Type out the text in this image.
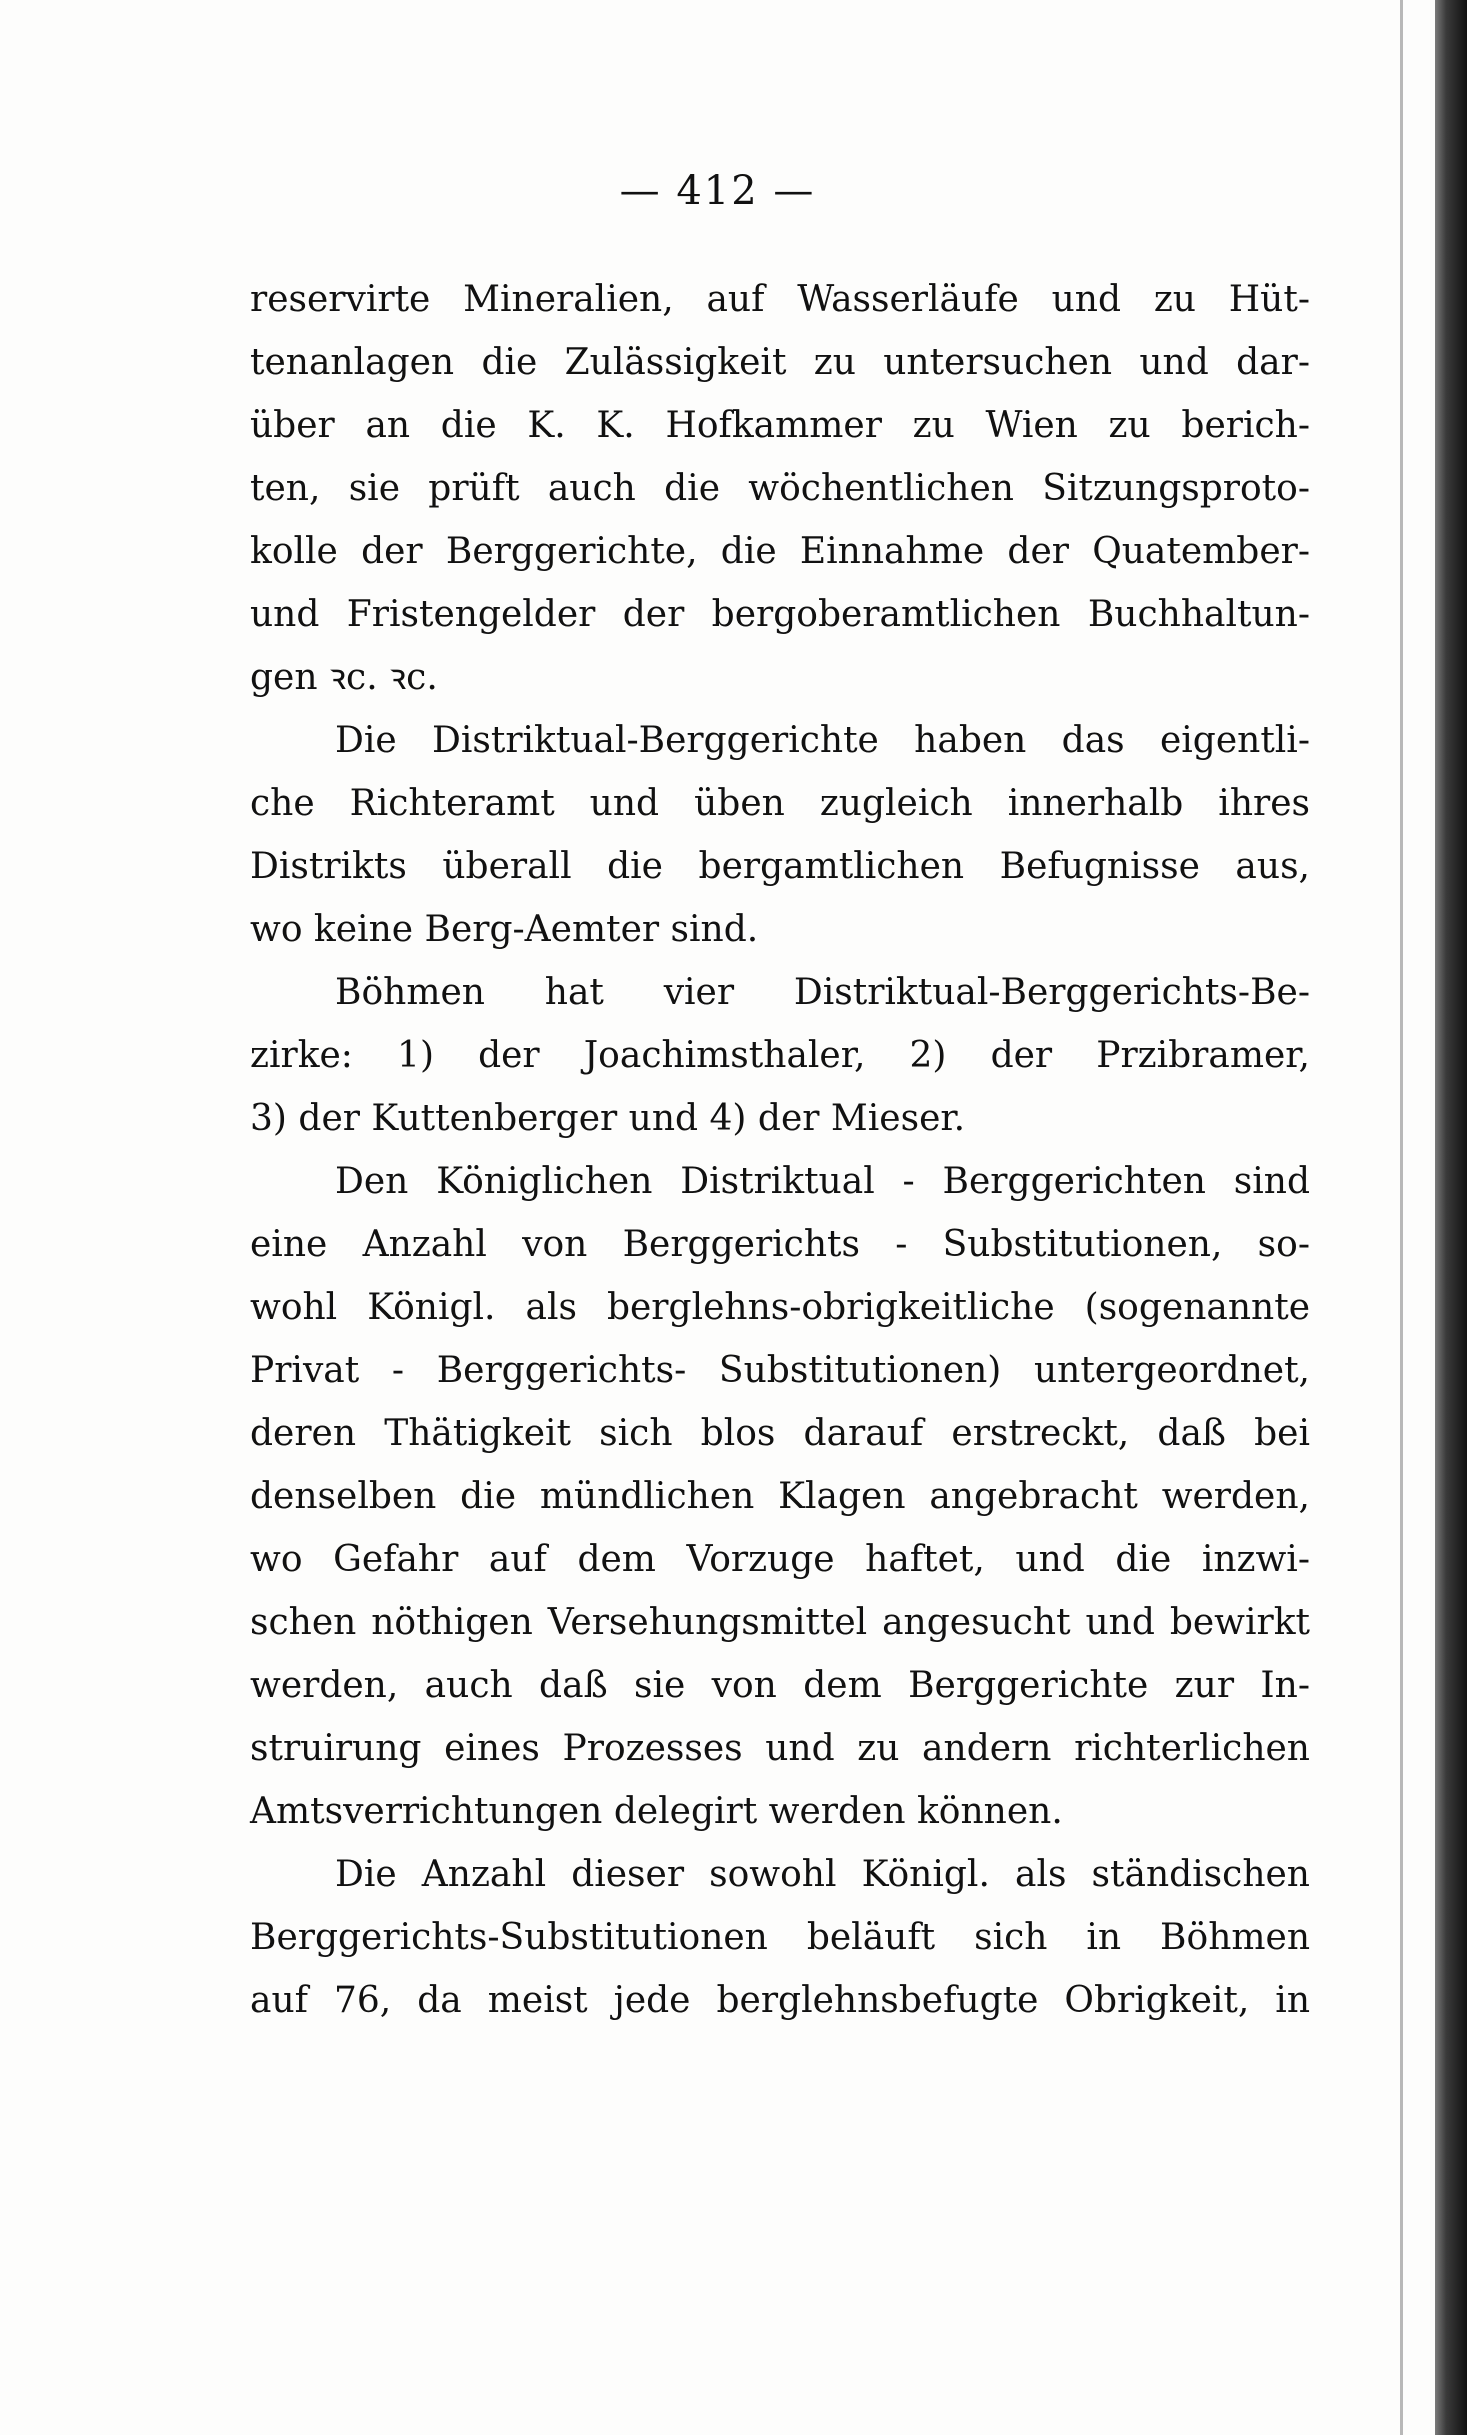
— 412 —
reservirte Mineralien, auf Wasserläufe und zu Hüt-
tenanlagen die Zulässigkeit zu untersuchen und dar-
über an die K. K. Hofkammer zu Wien zu berich-
ten, sie prüft auch die wöchentlichen Sitzungsproto-
kolle der Berggerichte, die Einnahme der Quatember-
und Fristengelder der bergoberamtlichen Buchhaltun-
gen ꝛc. ꝛc.
Die Distriktual-Berggerichte haben das eigentli-
che Richteramt und üben zugleich innerhalb ihres
Distrikts überall die bergamtlichen Befugnisse aus,
wo keine Berg-Aemter sind.
Böhmen hat vier Distriktual-Berggerichts-Be-
zirke: 1) der Joachimsthaler, 2) der Przibramer,
3) der Kuttenberger und 4) der Mieser.
Den Königlichen Distriktual - Berggerichten sind
eine Anzahl von Berggerichts - Substitutionen, so-
wohl Königl. als berglehns-obrigkeitliche (sogenannte
Privat - Berggerichts- Substitutionen) untergeordnet,
deren Thätigkeit sich blos darauf erstreckt, daß bei
denselben die mündlichen Klagen angebracht werden,
wo Gefahr auf dem Vorzuge haftet, und die inzwi-
schen nöthigen Versehungsmittel angesucht und bewirkt
werden, auch daß sie von dem Berggerichte zur In-
struirung eines Prozesses und zu andern richterlichen
Amtsverrichtungen delegirt werden können.
Die Anzahl dieser sowohl Königl. als ständischen
Berggerichts-Substitutionen beläuft sich in Böhmen
auf 76, da meist jede berglehnsbefugte Obrigkeit, in
